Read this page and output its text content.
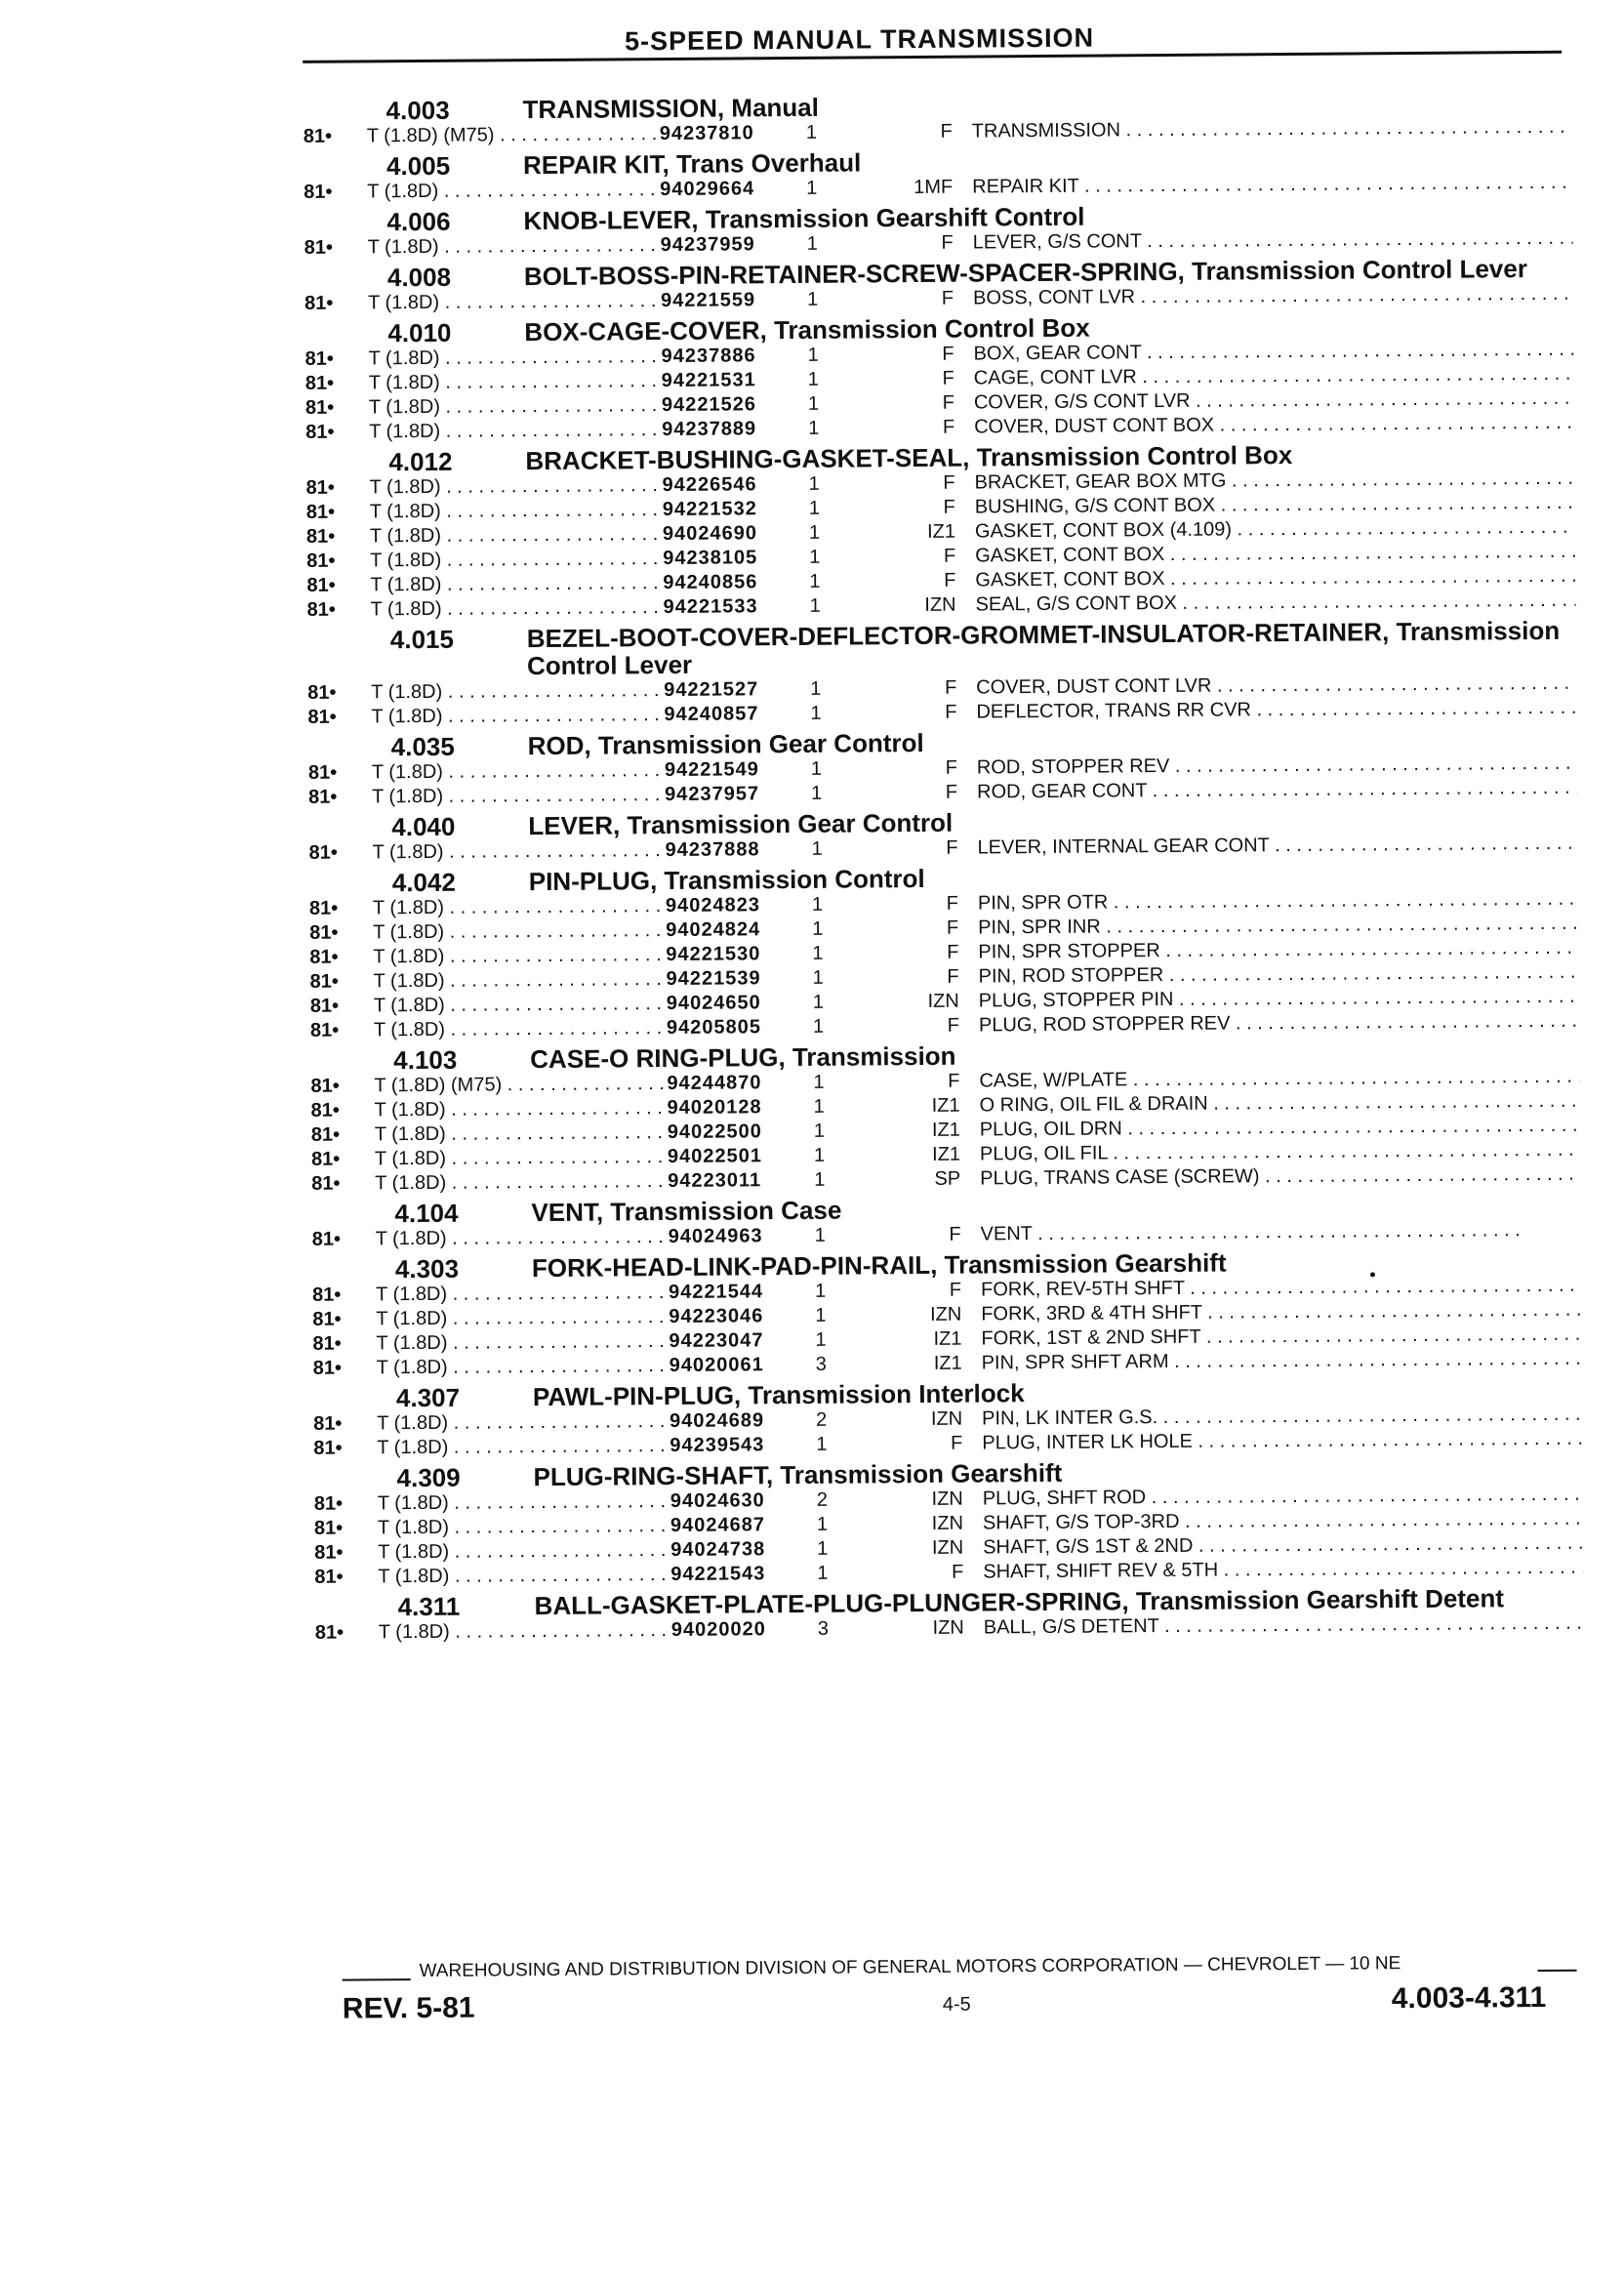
5-SPEED MANUAL TRANSMISSION
4.003	TRANSMISSION, Manual
81•	T (1.8D) (M75) . . .	94237810	1	F TRANSMISSION . . .
4.005	REPAIR KIT, Trans Overhaul
81•	T (1.8D) . . .	94029664	1	1MF REPAIR KIT . . .
4.006	KNOB-LEVER, Transmission Gearshift Control
81•	T (1.8D) . . .	94237959	1	F LEVER, G/S CONT . . .
4.008	BOLT-BOSS-PIN-RETAINER-SCREW-SPACER-SPRING, Transmission Control Lever
81•	T (1.8D) . . .	94221559	1	F BOSS, CONT LVR . . .
4.010	BOX-CAGE-COVER, Transmission Control Box
81•	T (1.8D) . . .	94237886	1	F BOX, GEAR CONT . . .
81•	T (1.8D) . . .	94221531	1	F CAGE, CONT LVR . . .
81•	T (1.8D) . . .	94221526	1	F COVER, G/S CONT LVR . . .
81•	T (1.8D) . . .	94237889	1	F COVER, DUST CONT BOX . . .
4.012	BRACKET-BUSHING-GASKET-SEAL, Transmission Control Box
81•	T (1.8D) . . .	94226546	1	F BRACKET, GEAR BOX MTG . . .
81•	T (1.8D) . . .	94221532	1	F BUSHING, G/S CONT BOX . . .
81•	T (1.8D) . . .	94024690	1	IZ1 GASKET, CONT BOX (4.109) . . .
81•	T (1.8D) . . .	94238105	1	F GASKET, CONT BOX . . .
81•	T (1.8D) . . .	94240856	1	F GASKET, CONT BOX . . .
81•	T (1.8D) . . .	94221533	1	IZN SEAL, G/S CONT BOX . . .
4.015	BEZEL-BOOT-COVER-DEFLECTOR-GROMMET-INSULATOR-RETAINER, Transmission Control Lever
81•	T (1.8D) . . .	94221527	1	F COVER, DUST CONT LVR . . .
81•	T (1.8D) . . .	94240857	1	F DEFLECTOR, TRANS RR CVR . . .
4.035	ROD, Transmission Gear Control
81•	T (1.8D) . . .	94221549	1	F ROD, STOPPER REV . . .
81•	T (1.8D) . . .	94237957	1	F ROD, GEAR CONT . . .
4.040	LEVER, Transmission Gear Control
81•	T (1.8D) . . .	94237888	1	F LEVER, INTERNAL GEAR CONT . . .
4.042	PIN-PLUG, Transmission Control
81•	T (1.8D) . . .	94024823	1	F PIN, SPR OTR . . .
81•	T (1.8D) . . .	94024824	1	F PIN, SPR INR . . .
81•	T (1.8D) . . .	94221530	1	F PIN, SPR STOPPER . . .
81•	T (1.8D) . . .	94221539	1	F PIN, ROD STOPPER . . .
81•	T (1.8D) . . .	94024650	1	IZN PLUG, STOPPER PIN . . .
81•	T (1.8D) . . .	94205805	1	F PLUG, ROD STOPPER REV . . .
4.103	CASE-O RING-PLUG, Transmission
81•	T (1.8D) (M75) . . .	94244870	1	F CASE, W/PLATE . . .
81•	T (1.8D) . . .	94020128	1	IZ1 O RING, OIL FIL & DRAIN . . .
81•	T (1.8D) . . .	94022500	1	IZ1 PLUG, OIL DRN . . .
81•	T (1.8D) . . .	94022501	1	IZ1 PLUG, OIL FIL . . .
81•	T (1.8D) . . .	94223011	1	SP PLUG, TRANS CASE (SCREW) . . .
4.104	VENT, Transmission Case
81•	T (1.8D) . . .	94024963	1	F VENT . . .
4.303	FORK-HEAD-LINK-PAD-PIN-RAIL, Transmission Gearshift
81•	T (1.8D) . . .	94221544	1	F FORK, REV-5TH SHFT . . .
81•	T (1.8D) . . .	94223046	1	IZN FORK, 3RD & 4TH SHFT . . .
81•	T (1.8D) . . .	94223047	1	IZ1 FORK, 1ST & 2ND SHFT . . .
81•	T (1.8D) . . .	94020061	3	IZ1 PIN, SPR SHFT ARM . . .
4.307	PAWL-PIN-PLUG, Transmission Interlock
81•	T (1.8D) . . .	94024689	2	IZN PIN, LK INTER G.S. . . .
81•	T (1.8D) . . .	94239543	1	F PLUG, INTER LK HOLE . . .
4.309	PLUG-RING-SHAFT, Transmission Gearshift
81•	T (1.8D) . . .	94024630	2	IZN PLUG, SHFT ROD . . .
81•	T (1.8D) . . .	94024687	1	IZN SHAFT, G/S TOP-3RD . . .
81•	T (1.8D) . . .	94024738	1	IZN SHAFT, G/S 1ST & 2ND . . .
81•	T (1.8D) . . .	94221543	1	F SHAFT, SHIFT REV & 5TH . . .
4.311	BALL-GASKET-PLATE-PLUG-PLUNGER-SPRING, Transmission Gearshift Detent
81•	T (1.8D) . . .	94020020	3	IZN BALL, G/S DETENT . . .
WAREHOUSING AND DISTRIBUTION DIVISION OF GENERAL MOTORS CORPORATION — CHEVROLET — 10 NE
REV. 5-81	4-5	4.003-4.311
